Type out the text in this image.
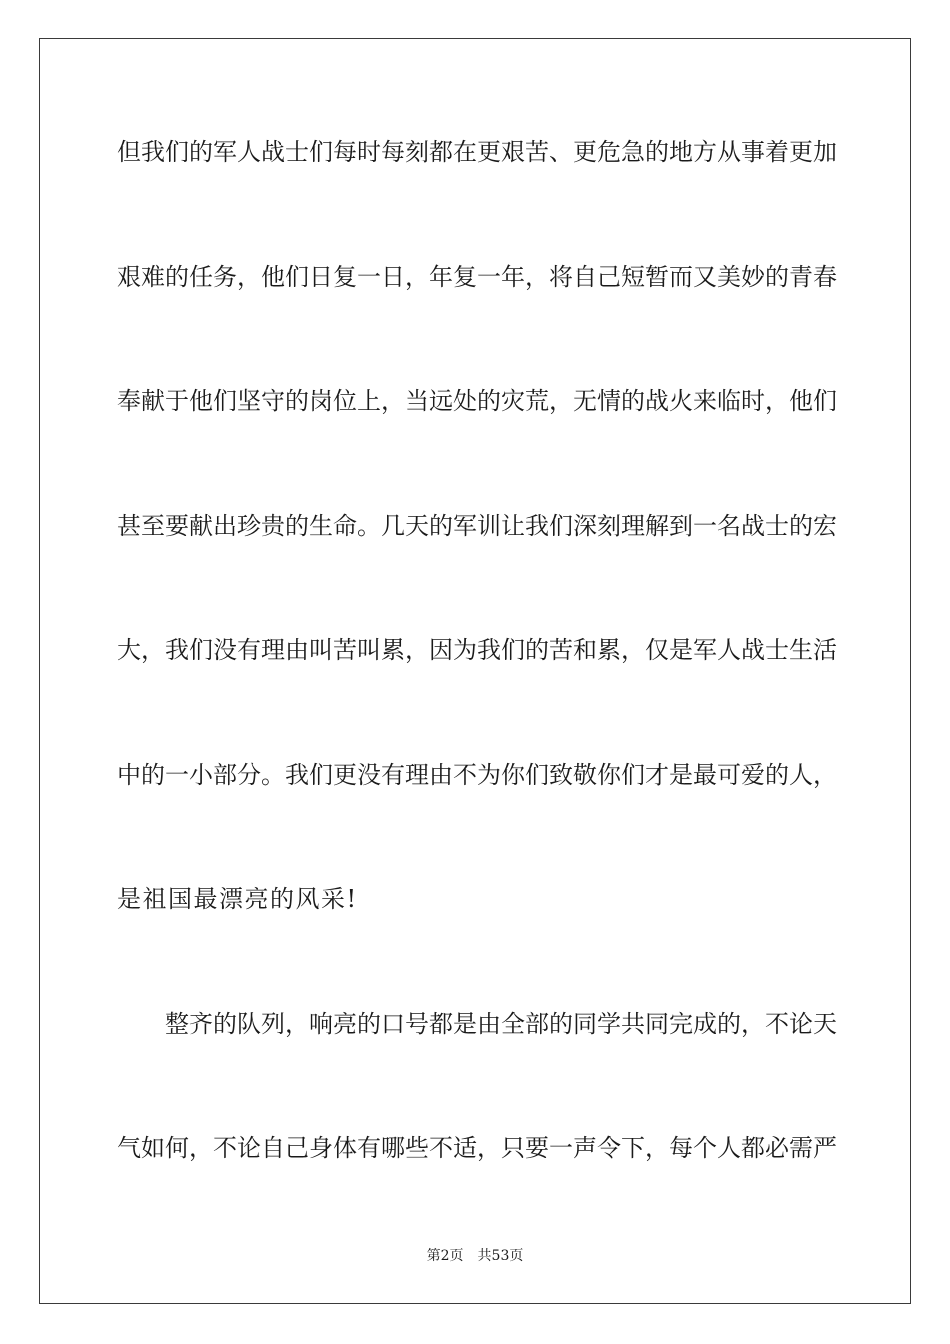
但我们的军人战士们每时每刻都在更艰苦、更危急的地方从事着更加
艰难的任务，他们日复一日，年复一年，将自己短暂而又美妙的青春
奉献于他们坚守的岗位上，当远处的灾荒，无情的战火来临时，他们
甚至要献出珍贵的生命。几天的军训让我们深刻理解到一名战士的宏
大，我们没有理由叫苦叫累，因为我们的苦和累，仅是军人战士生活
中的一小部分。我们更没有理由不为你们致敬你们才是最可爱的人，
是祖国最漂亮的风采!
整齐的队列，响亮的口号都是由全部的同学共同完成的，不论天
气如何，不论自己身体有哪些不适，只要一声令下，每个人都必需严
第2页 共53页
